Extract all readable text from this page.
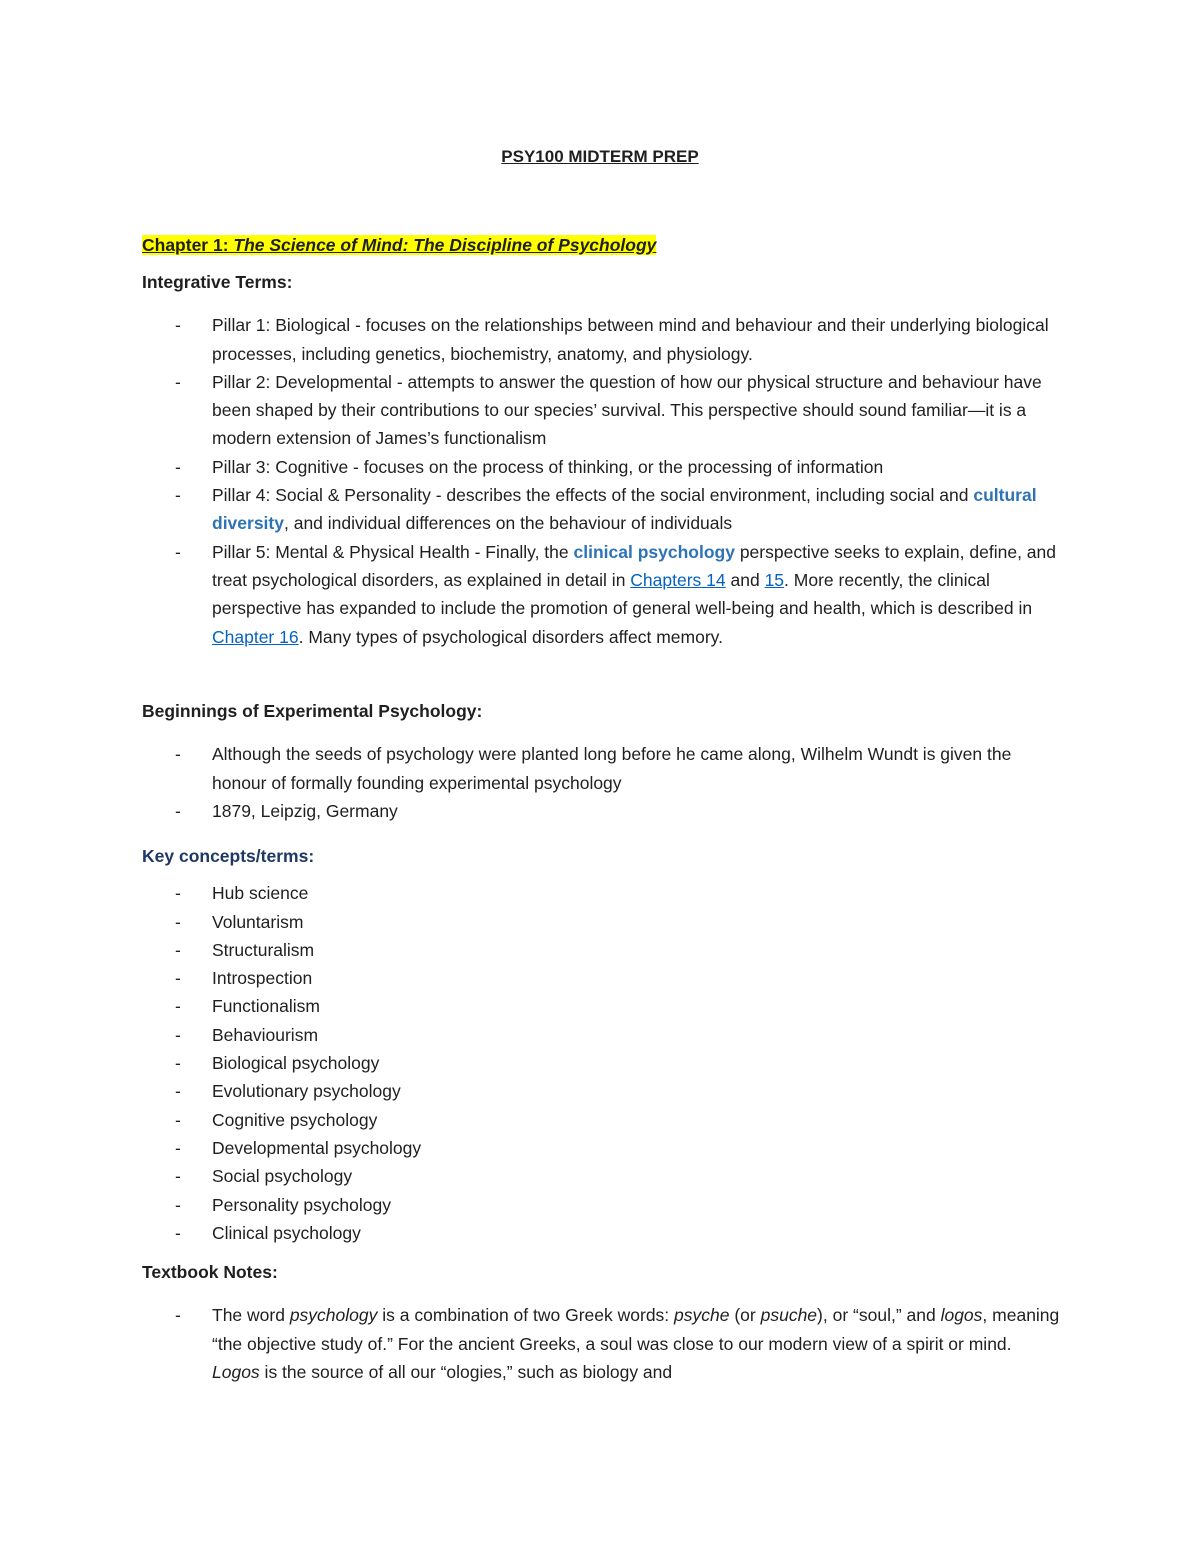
PSY100 MIDTERM PREP
Chapter 1: The Science of Mind: The Discipline of Psychology
Integrative Terms:
- Pillar 1: Biological - focuses on the relationships between mind and behaviour and their underlying biological processes, including genetics, biochemistry, anatomy, and physiology.
- Pillar 2: Developmental - attempts to answer the question of how our physical structure and behaviour have been shaped by their contributions to our species’ survival. This perspective should sound familiar—it is a modern extension of James’s functionalism
- Pillar 3: Cognitive - focuses on the process of thinking, or the processing of information
- Pillar 4: Social & Personality - describes the effects of the social environment, including social and cultural diversity, and individual differences on the behaviour of individuals
- Pillar 5: Mental & Physical Health - Finally, the clinical psychology perspective seeks to explain, define, and treat psychological disorders, as explained in detail in Chapters 14 and 15. More recently, the clinical perspective has expanded to include the promotion of general well-being and health, which is described in Chapter 16. Many types of psychological disorders affect memory.
Beginnings of Experimental Psychology:
- Although the seeds of psychology were planted long before he came along, Wilhelm Wundt is given the honour of formally founding experimental psychology
- 1879, Leipzig, Germany
Key concepts/terms:
- Hub science
- Voluntarism
- Structuralism
- Introspection
- Functionalism
- Behaviourism
- Biological psychology
- Evolutionary psychology
- Cognitive psychology
- Developmental psychology
- Social psychology
- Personality psychology
- Clinical psychology
Textbook Notes:
- The word psychology is a combination of two Greek words: psyche (or psuche), or “soul,” and logos, meaning “the objective study of.” For the ancient Greeks, a soul was close to our modern view of a spirit or mind. Logos is the source of all our “ologies,” such as biology and
